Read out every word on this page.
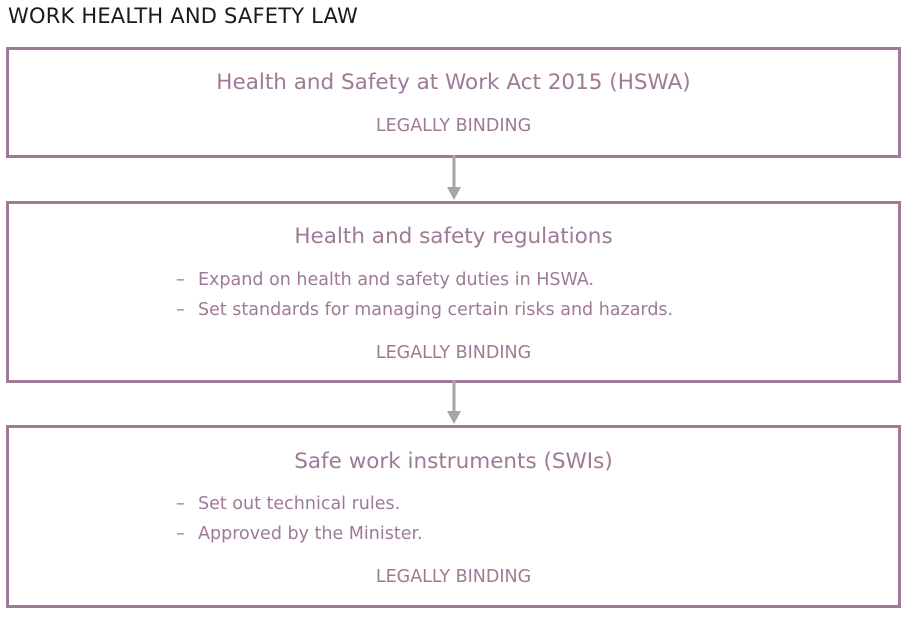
WORK HEALTH AND SAFETY LAW
Health and Safety at Work Act 2015 (HSWA)
LEGALLY BINDING
Health and safety regulations
– Expand on health and safety duties in HSWA.
– Set standards for managing certain risks and hazards.
LEGALLY BINDING
Safe work instruments (SWIs)
– Set out technical rules.
– Approved by the Minister.
LEGALLY BINDING
